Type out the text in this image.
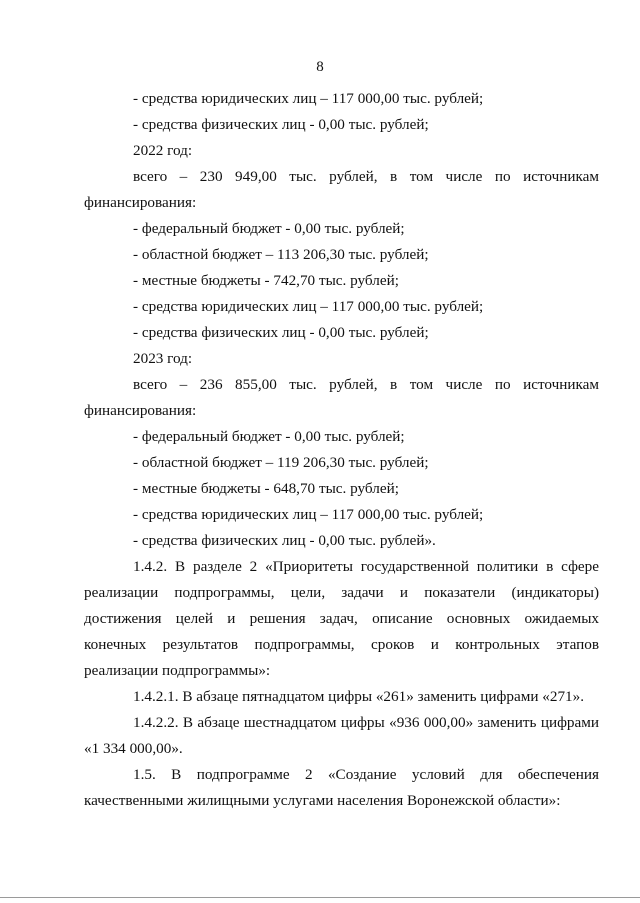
8
- средства юридических лиц – 117 000,00 тыс. рублей;
- средства физических лиц - 0,00 тыс. рублей;
2022 год:
всего – 230 949,00 тыс. рублей, в том числе по источникам
финансирования:
- федеральный бюджет - 0,00 тыс. рублей;
- областной бюджет – 113 206,30 тыс. рублей;
- местные бюджеты - 742,70 тыс. рублей;
- средства юридических лиц – 117 000,00 тыс. рублей;
- средства физических лиц - 0,00 тыс. рублей;
2023 год:
всего – 236 855,00 тыс. рублей, в том числе по источникам
финансирования:
- федеральный бюджет - 0,00 тыс. рублей;
- областной бюджет – 119 206,30 тыс. рублей;
- местные бюджеты - 648,70 тыс. рублей;
- средства юридических лиц – 117 000,00 тыс. рублей;
- средства физических лиц - 0,00 тыс. рублей».
1.4.2. В разделе 2 «Приоритеты государственной политики в сфере
реализации подпрограммы, цели, задачи и показатели (индикаторы)
достижения целей и решения задач, описание основных ожидаемых
конечных результатов подпрограммы, сроков и контрольных этапов
реализации подпрограммы»:
1.4.2.1. В абзаце пятнадцатом цифры «261» заменить цифрами «271».
1.4.2.2. В абзаце шестнадцатом цифры «936 000,00» заменить цифрами
«1 334 000,00».
1.5. В подпрограмме 2 «Создание условий для обеспечения
качественными жилищными услугами населения Воронежской области»:
